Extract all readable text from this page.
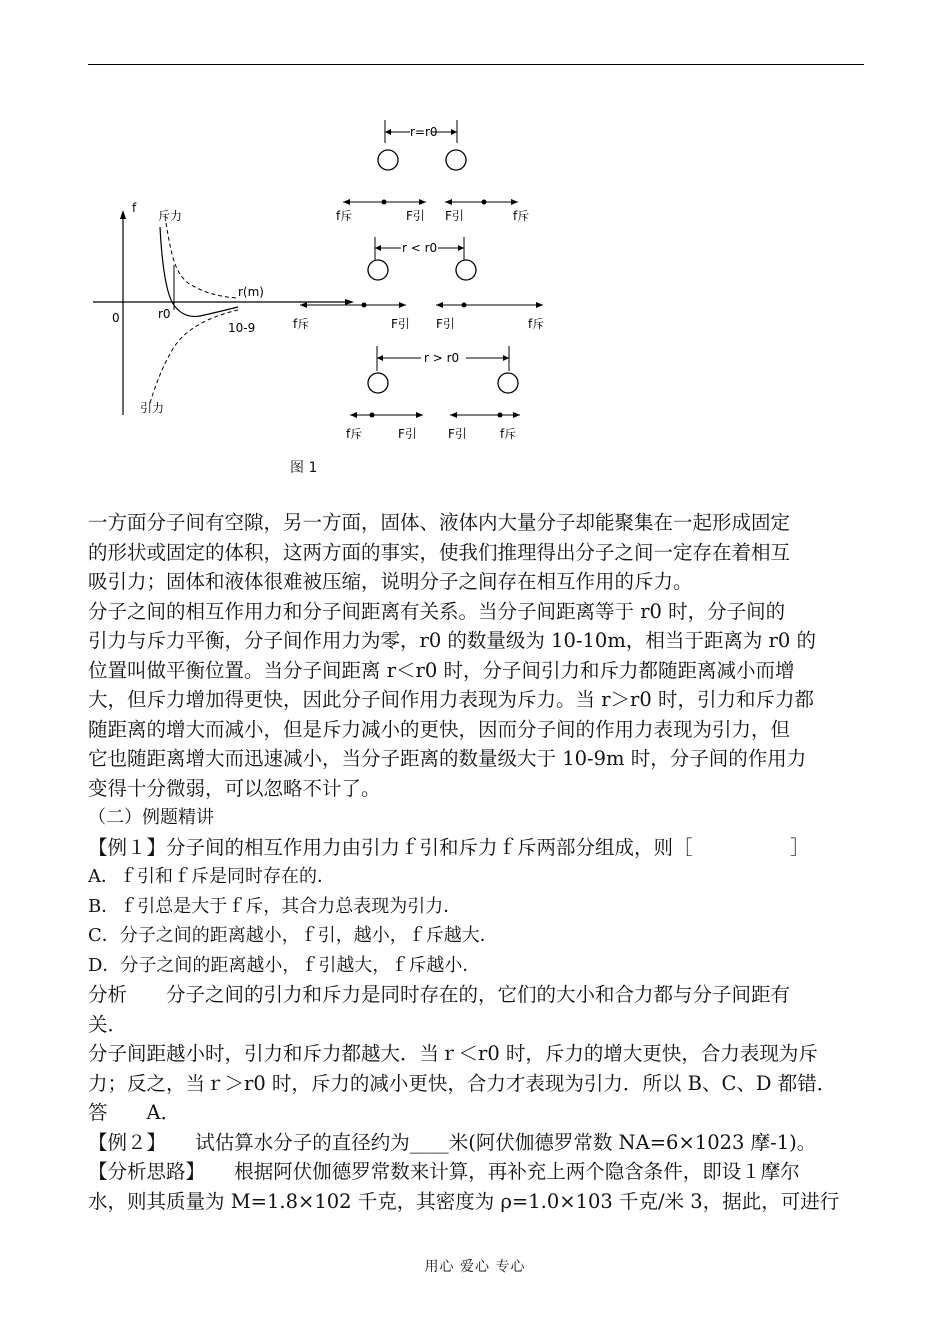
f
r(m)
0	r0
10-9
斥力
引力
r=r0
f斥	F引 F引	f斥
r < r0
f斥	F引 F引	f斥
r > r0
f斥	F引	F引	f斥
图 1
一方面分子间有空隙，另一方面，固体、液体内大量分子却能聚集在一起形成固定
的形状或固定的体积，这两方面的事实，使我们推理得出分子之间一定存在着相互
吸引力；固体和液体很难被压缩，说明分子之间存在相互作用的斥力。
分子之间的相互作用力和分子间距离有关系。当分子间距离等于 r0 时，分子间的
引力与斥力平衡，分子间作用力为零，r0 的数量级为 10-10m，相当于距离为 r0 的
位置叫做平衡位置。当分子间距离 r＜r0 时，分子间引力和斥力都随距离减小而增
大，但斥力增加得更快，因此分子间作用力表现为斥力。当 r＞r0 时，引力和斥力都
随距离的增大而减小，但是斥力减小的更快，因而分子间的作用力表现为引力，但
它也随距离增大而迅速减小，当分子距离的数量级大于 10-9m 时，分子间的作用力
变得十分微弱，可以忽略不计了。
（二）例题精讲
【例１】分子间的相互作用力由引力ｆ引和斥力ｆ斥两部分组成，则［　　　　　］
A．ｆ引和ｆ斥是同时存在的．
B．ｆ引总是大于ｆ斥，其合力总表现为引力．
C．分子之间的距离越小，ｆ引，越小，ｆ斥越大．
D．分子之间的距离越小，ｆ引越大，ｆ斥越小．
分析　　分子之间的引力和斥力是同时存在的，它们的大小和合力都与分子间距有
关．
分子间距越小时，引力和斥力都越大．当ｒ＜r0 时，斥力的增大更快，合力表现为斥
力；反之，当ｒ＞r0 时，斥力的减小更快，合力才表现为引力．所以 B、C、D 都错．
答　　A．
【例２】　　试估算水分子的直径约为____米(阿伏伽德罗常数 NA=6×1023 摩-1)。
【分析思路】　　根据阿伏伽德罗常数来计算，再补充上两个隐含条件，即设１摩尔
水，则其质量为 M=1.8×102 千克，其密度为 ρ=1.0×103 千克/米 3，据此，可进行
用心 爱心 专心
